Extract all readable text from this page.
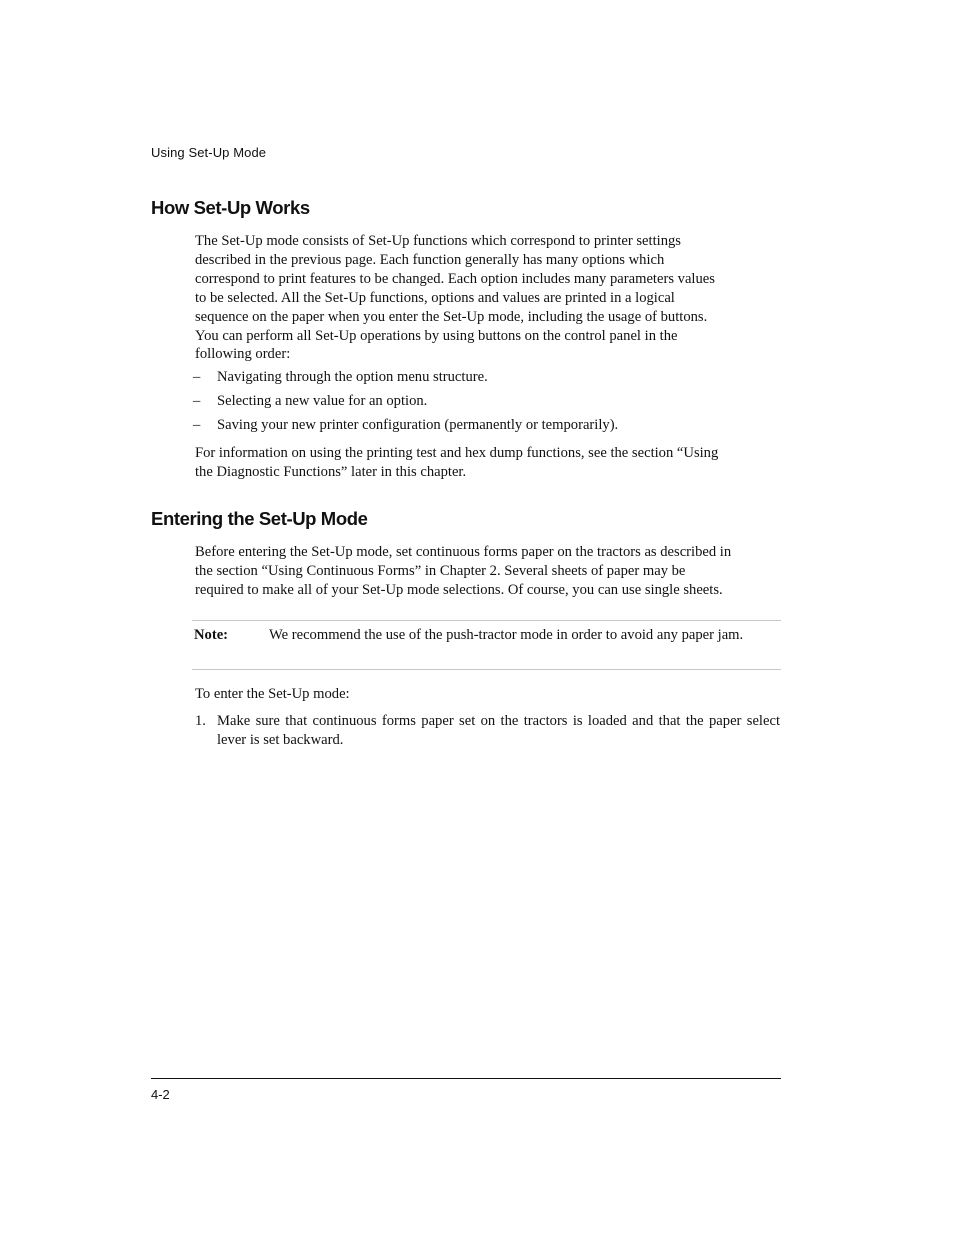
Using Set-Up Mode
How Set-Up Works
The Set-Up mode consists of Set-Up functions which correspond to printer settings
described in the previous page. Each function generally has many options which
correspond to print features to be changed. Each option includes many parameters values
to be selected. All the Set-Up functions, options and values are printed in a logical
sequence on the paper when you enter the Set-Up mode, including the usage of buttons.
You can perform all Set-Up operations by using buttons on the control panel in the
following order:
– Navigating through the option menu structure.
– Selecting a new value for an option.
– Saving your new printer configuration (permanently or temporarily).
For information on using the printing test and hex dump functions, see the section “Using
the Diagnostic Functions” later in this chapter.
Entering the Set-Up Mode
Before entering the Set-Up mode, set continuous forms paper on the tractors as described in
the section “Using Continuous Forms” in Chapter 2. Several sheets of paper may be
required to make all of your Set-Up mode selections. Of course, you can use single sheets.
Note:	We recommend the use of the push-tractor mode in order to avoid any paper jam.
To enter the Set-Up mode:
1. Make sure that continuous forms paper set on the tractors is loaded and that the paper select lever is set backward.
4-2
